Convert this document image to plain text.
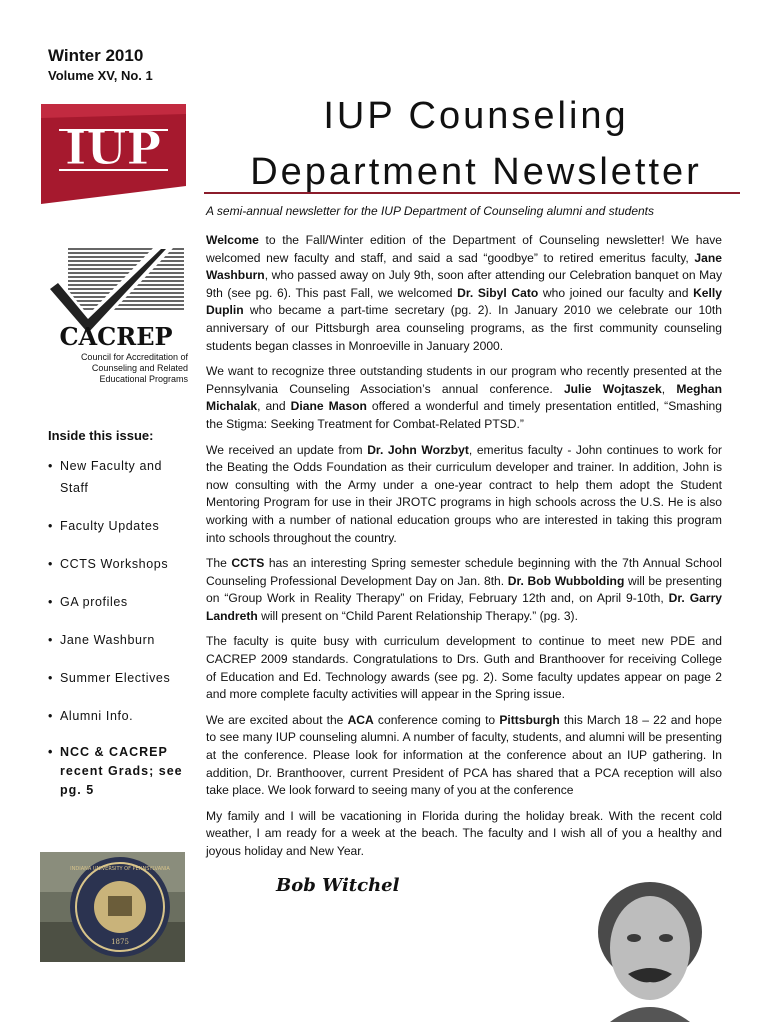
Winter 2010
Volume XV, No. 1
IUP
IUP Counseling
Department Newsletter
A semi-annual newsletter for the IUP Department of Counseling alumni and students
CACREP
Council for Accreditation of
Counseling and Related
Educational Programs
Inside this issue:
• New Faculty and Staff
• Faculty Updates
• CCTS Workshops
• GA profiles
• Jane Washburn
• Summer Electives
• Alumni Info.
• NCC & CACREP recent Grads; see pg. 5
1875
INDIANA UNIVERSITY OF PENNSYLVANIA

Welcome to the Fall/Winter edition of the Department of Counseling newsletter! We have welcomed new faculty and staff, and said a sad “goodbye” to retired emeritus faculty, Jane Washburn, who passed away on July 9th, soon after attending our Celebration banquet on May 9th (see pg. 6). This past Fall, we welcomed Dr. Sibyl Cato who joined our faculty and Kelly Duplin who became a part-time secretary (pg. 2). In January 2010 we celebrate our 10th anniversary of our Pittsburgh area counseling programs, as the first community counseling students began classes in Monroeville in January 2000.

We want to recognize three outstanding students in our program who recently presented at the Pennsylvania Counseling Association’s annual conference. Julie Wojtaszek, Meghan Michalak, and Diane Mason offered a wonderful and timely presentation entitled, “Smashing the Stigma: Seeking Treatment for Combat-Related PTSD.”

We received an update from Dr. John Worzbyt, emeritus faculty - John continues to work for the Beating the Odds Foundation as their curriculum developer and trainer. In addition, John is now consulting with the Army under a one-year contract to help them adopt the Student Mentoring Program for use in their JROTC programs in high schools across the U.S. He is also working with a number of national education groups who are interested in taking this program into schools throughout the country.

The CCTS has an interesting Spring semester schedule beginning with the 7th Annual School Counseling Professional Development Day on Jan. 8th. Dr. Bob Wubbolding will be presenting on “Group Work in Reality Therapy” on Friday, February 12th and, on April 9-10th, Dr. Garry Landreth will present on “Child Parent Relationship Therapy.” (pg. 3).

The faculty is quite busy with curriculum development to continue to meet new PDE and CACREP 2009 standards. Congratulations to Drs. Guth and Branthoover for receiving College of Education and Ed. Technology awards (see pg. 2). Some faculty updates appear on page 2 and more complete faculty activities will appear in the Spring issue.

We are excited about the ACA conference coming to Pittsburgh this March 18 – 22 and hope to see many IUP counseling alumni. A number of faculty, students, and alumni will be presenting at the conference. Please look for information at the conference about an IUP gathering. In addition, Dr. Branthoover, current President of PCA has shared that a PCA reception will also take place. We look forward to seeing many of you at the conference

My family and I will be vacationing in Florida during the holiday break. With the recent cold weather, I am ready for a week at the beach. The faculty and I wish all of you a healthy and joyous holiday and New Year.

Bob Witchel
